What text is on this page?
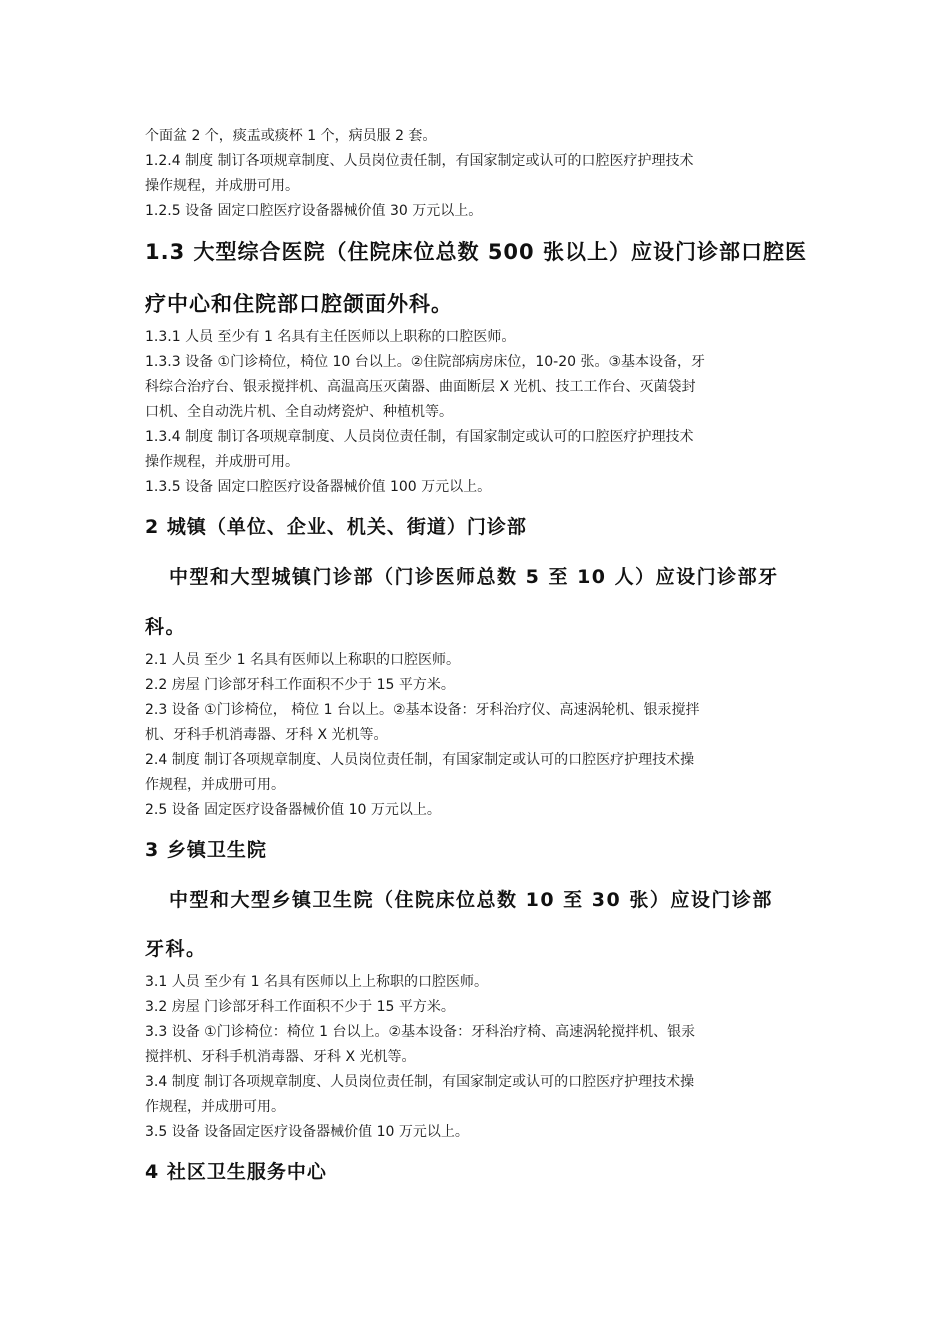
个面盆 2 个，痰盂或痰杯 1 个，病员服 2 套。

1.2.4 制度 制订各项规章制度、人员岗位责任制，有国家制定或认可的口腔医疗护理技术

操作规程，并成册可用。

1.2.5 设备 固定口腔医疗设备器械价值 30 万元以上。

1.3 大型综合医院（住院床位总数 500 张以上）应设门诊部口腔医
疗中心和住院部口腔颌面外科。

1.3.1 人员 至少有 1 名具有主任医师以上职称的口腔医师。

1.3.3 设备 ①门诊椅位，椅位 10 台以上。②住院部病房床位，10-20 张。③基本设备，牙

科综合治疗台、银汞搅拌机、高温高压灭菌器、曲面断层 X 光机、技工工作台、灭菌袋封

口机、全自动洗片机、全自动烤瓷炉、种植机等。

1.3.4 制度 制订各项规章制度、人员岗位责任制，有国家制定或认可的口腔医疗护理技术

操作规程，并成册可用。

1.3.5 设备 固定口腔医疗设备器械价值 100 万元以上。

2 城镇（单位、企业、机关、街道）门诊部
中型和大型城镇门诊部（门诊医师总数 5 至 10 人）应设门诊部牙
科。

2.1 人员 至少 1 名具有医师以上称职的口腔医师。

2.2 房屋 门诊部牙科工作面积不少于 15 平方米。

2.3 设备 ①门诊椅位， 椅位 1 台以上。②基本设备：牙科治疗仪、高速涡轮机、银汞搅拌

机、牙科手机消毒器、牙科 X 光机等。

2.4 制度 制订各项规章制度、人员岗位责任制，有国家制定或认可的口腔医疗护理技术操

作规程，并成册可用。

2.5 设备 固定医疗设备器械价值 10 万元以上。

3 乡镇卫生院
中型和大型乡镇卫生院（住院床位总数 10 至 30 张）应设门诊部
牙科。

3.1 人员 至少有 1 名具有医师以上上称职的口腔医师。

3.2 房屋 门诊部牙科工作面积不少于 15 平方米。

3.3 设备 ①门诊椅位：椅位 1 台以上。②基本设备：牙科治疗椅、高速涡轮搅拌机、银汞

搅拌机、牙科手机消毒器、牙科 X 光机等。

3.4 制度 制订各项规章制度、人员岗位责任制，有国家制定或认可的口腔医疗护理技术操

作规程，并成册可用。

3.5 设备 设备固定医疗设备器械价值 10 万元以上。

4 社区卫生服务中心
